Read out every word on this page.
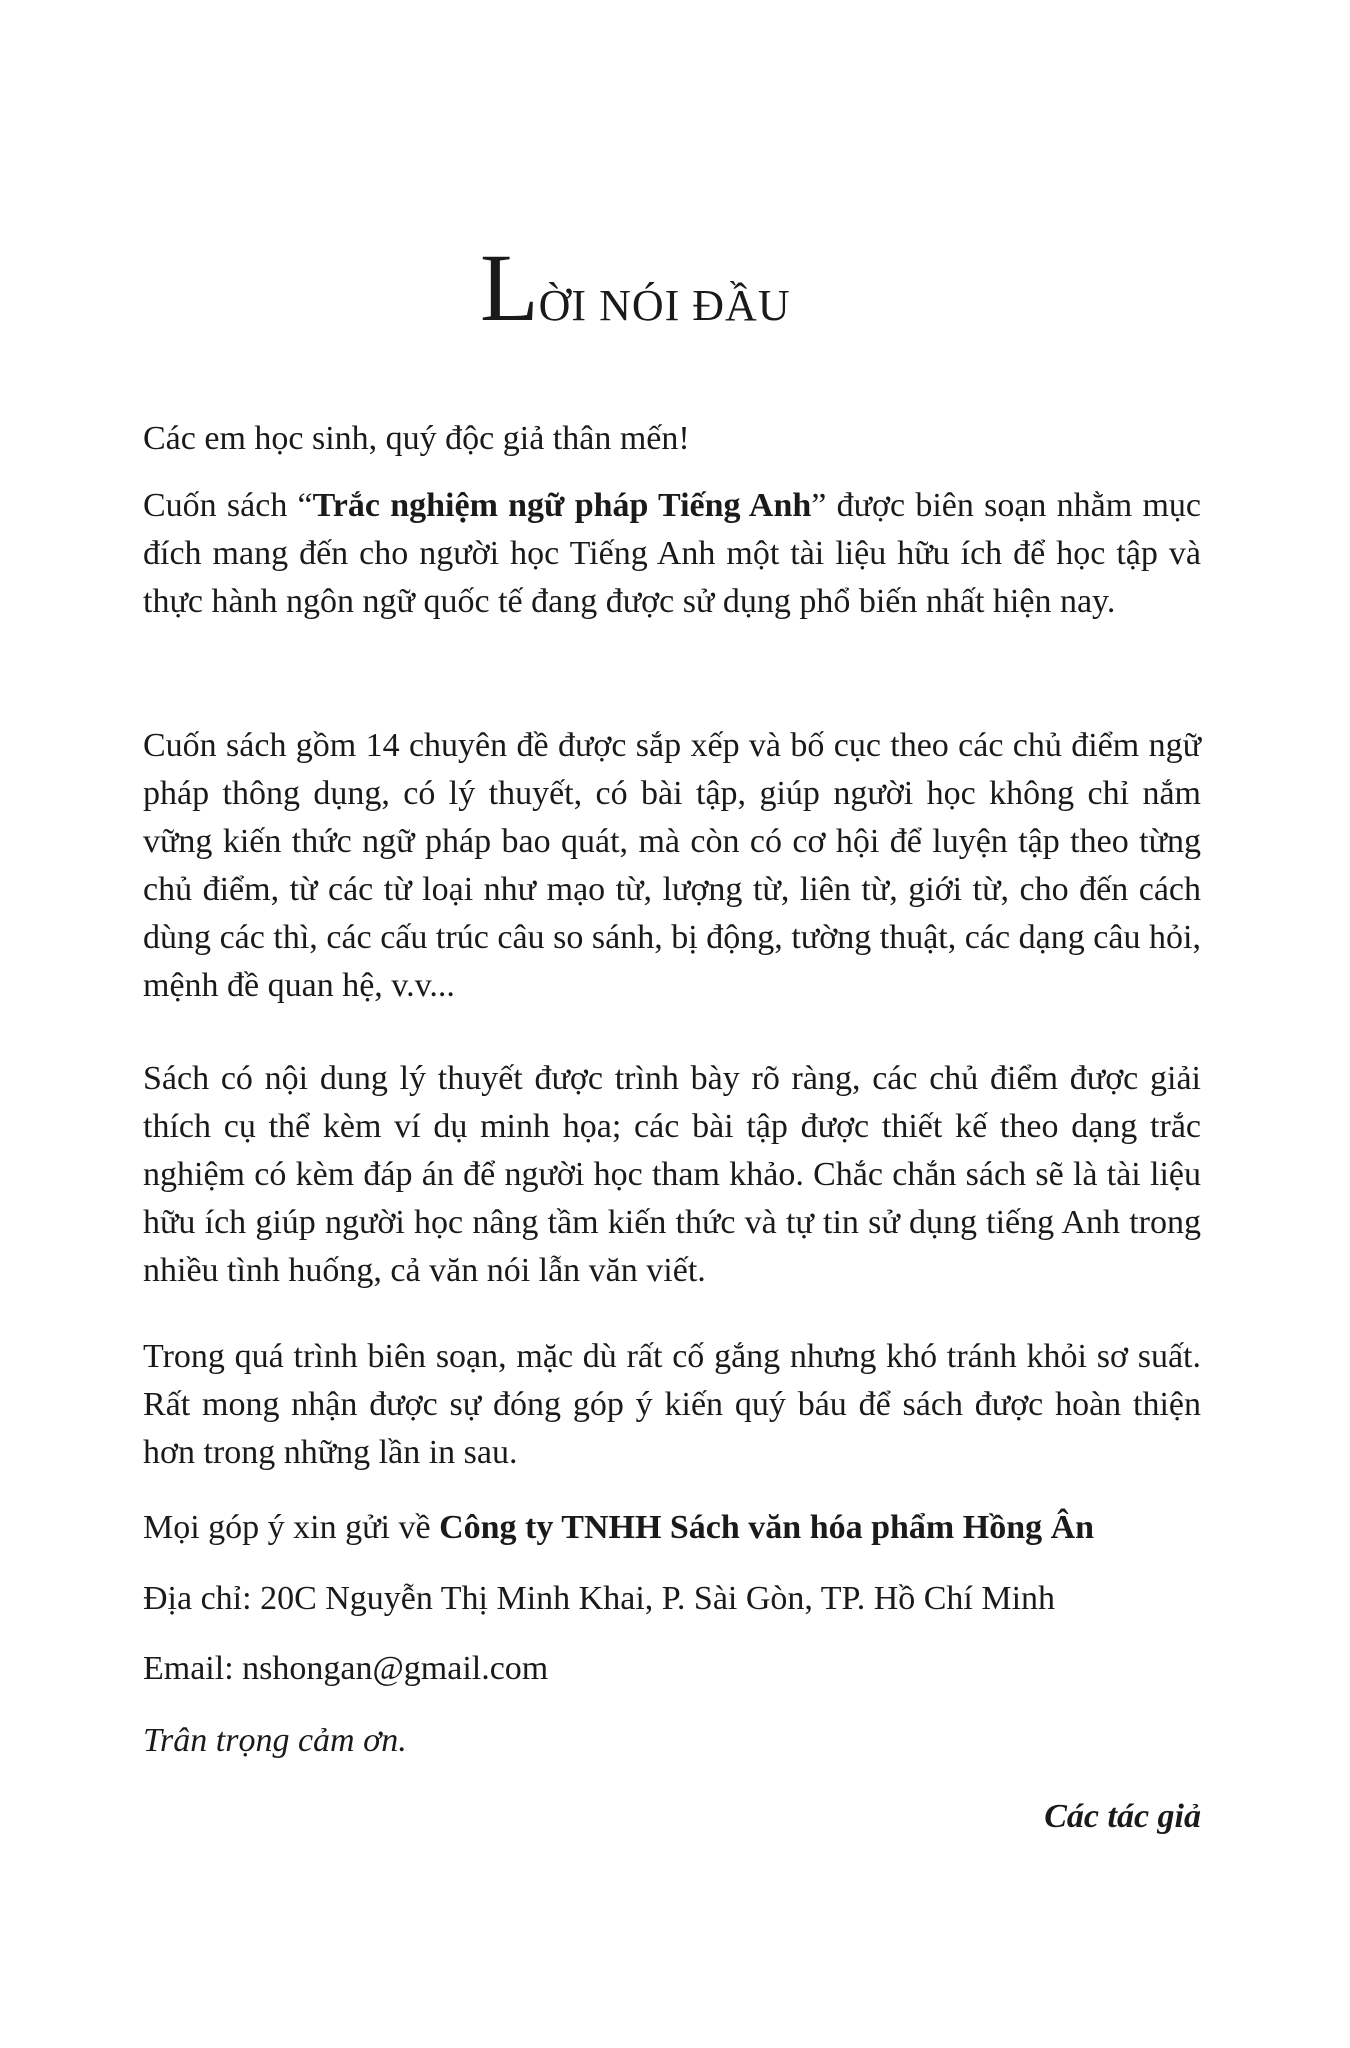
LỜI NÓI ĐẦU

Các em học sinh, quý độc giả thân mến!

Cuốn sách “Trắc nghiệm ngữ pháp Tiếng Anh” được biên soạn nhằm mục đích mang đến cho người học Tiếng Anh một tài liệu hữu ích để học tập và thực hành ngôn ngữ quốc tế đang được sử dụng phổ biến nhất hiện nay.

Cuốn sách gồm 14 chuyên đề được sắp xếp và bố cục theo các chủ điểm ngữ pháp thông dụng, có lý thuyết, có bài tập, giúp người học không chỉ nắm vững kiến thức ngữ pháp bao quát, mà còn có cơ hội để luyện tập theo từng chủ điểm, từ các từ loại như mạo từ, lượng từ, liên từ, giới từ, cho đến cách dùng các thì, các cấu trúc câu so sánh, bị động, tường thuật, các dạng câu hỏi, mệnh đề quan hệ, v.v...

Sách có nội dung lý thuyết được trình bày rõ ràng, các chủ điểm được giải thích cụ thể kèm ví dụ minh họa; các bài tập được thiết kế theo dạng trắc nghiệm có kèm đáp án để người học tham khảo. Chắc chắn sách sẽ là tài liệu hữu ích giúp người học nâng tầm kiến thức và tự tin sử dụng tiếng Anh trong nhiều tình huống, cả văn nói lẫn văn viết.

Trong quá trình biên soạn, mặc dù rất cố gắng nhưng khó tránh khỏi sơ suất. Rất mong nhận được sự đóng góp ý kiến quý báu để sách được hoàn thiện hơn trong những lần in sau.

Mọi góp ý xin gửi về Công ty TNHH Sách văn hóa phẩm Hồng Ân
Địa chỉ: 20C Nguyễn Thị Minh Khai, P. Sài Gòn, TP. Hồ Chí Minh
Email: nshongan@gmail.com
Trân trọng cảm ơn.
Các tác giả
